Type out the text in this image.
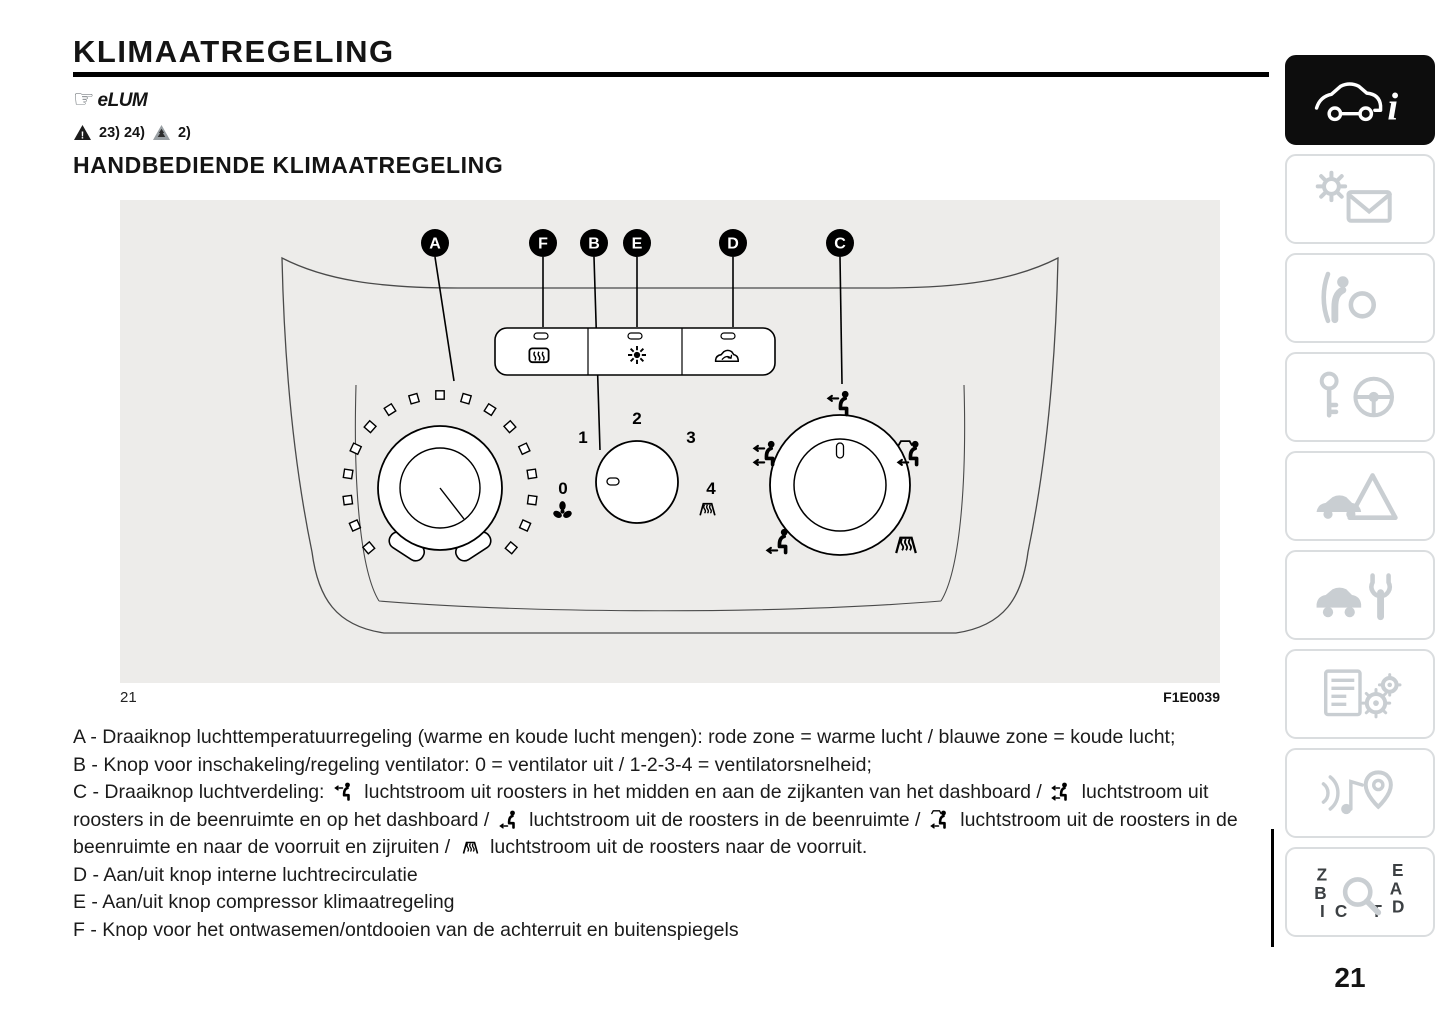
KLIMAATREGELING
☞ eLUM
! 23) 24) 2)
HANDBEDIENDE KLIMAATREGELING
0
1
2
3
4
A	F	B E	D	C
21	F1E0039

A - Draaiknop luchttemperatuurregeling (warme en koude lucht mengen): rode zone = warme lucht / blauwe zone = koude lucht;

B - Knop voor inschakeling/regeling ventilator: 0 = ventilator uit / 1-2-3-4 = ventilatorsnelheid;

C - Draaiknop luchtverdeling: luchtstroom uit roosters in het midden en aan de zijkanten van het dashboard / luchtstroom uit roosters in de beenruimte en op het dashboard / luchtstroom uit de roosters in de beenruimte / luchtstroom uit de roosters in de beenruimte en naar de voorruit en zijruiten / luchtstroom uit de roosters naar de voorruit.

D - Aan/uit knop interne luchtrecirculatie

E - Aan/uit knop compressor klimaatregeling

F - Knop voor het ontwasemen/ontdooien van de achterruit en buitenspiegels

21
i
Z	E
B	A
I C T D
